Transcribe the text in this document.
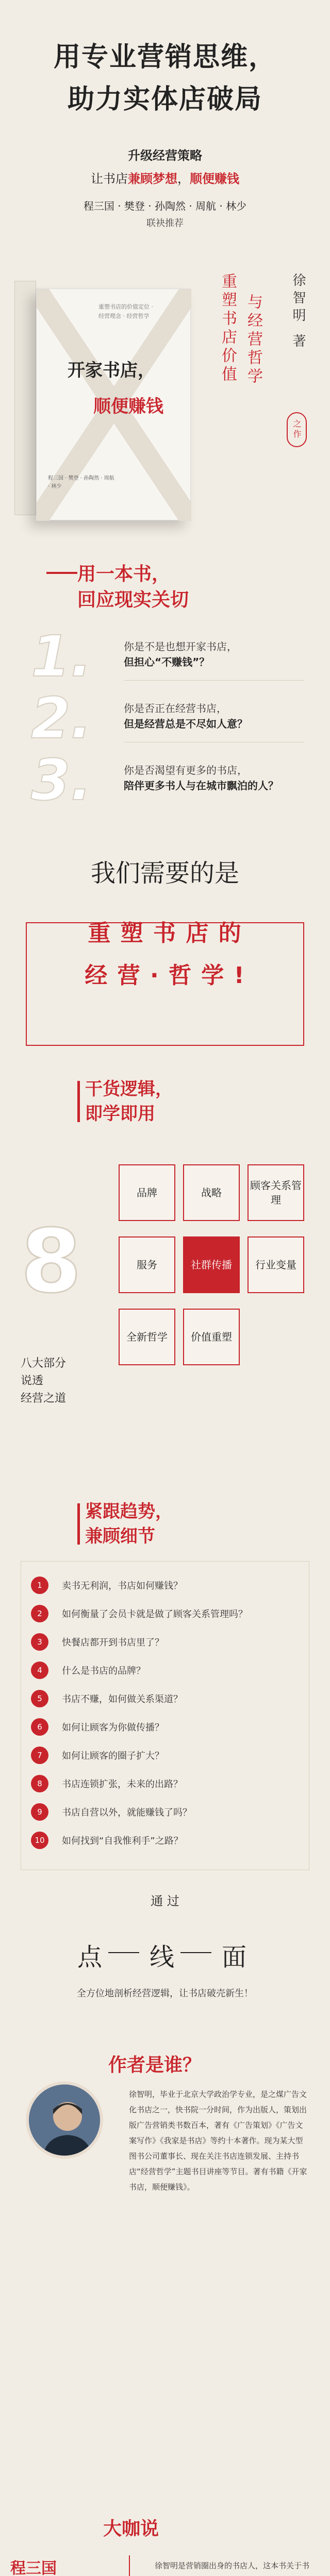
用专业营销思维，
助力实体店破局
升级经营策略
让书店兼顾梦想，顺便赚钱
程三国 · 樊登 · 孙陶然 · 周航 · 林少
联袂推荐
重塑书店的价值定位 · 经营理念 · 经营哲学
开家书店，
顺便赚钱
程三国 · 樊登 · 孙陶然 · 周航 · 林少
重塑书店价值 与经营哲学 徐智明 著
之作
用一本书，
回应现实关切
1.	你是不是也想开家书店，
但担心“不赚钱”？
2.	你是否正在经营书店，
但是经营总是不尽如人意？
3.	你是否渴望有更多的书店，
陪伴更多书人与在城市飘泊的人？
我们需要的是
重 塑 书 店 的
经 营 · 哲 学 !
干货逻辑，
即学即用
8
八大部分
说透
经营之道
品牌	战略
顾客关系管理
服务	社群传播	行业变量
全新哲学	价值重塑
紧跟趋势，
兼顾细节
1	卖书无利润，书店如何赚钱？
2	如何衡量了会员卡就是做了顾客关系管理吗？
3	快餐店都开到书店里了？
4	什么是书店的品牌？
5	书店不赚，如何做关系渠道？
6	如何让顾客为你做传播？
7	如何让顾客的圈子扩大？
8	书店连锁扩张，未来的出路？
9	书店自营以外，就能赚钱了吗？
10	如何找到“自我惟利手”之路？
通 过
点 线 面
全方位地剖析经营逻辑，让书店破壳新生！
作者是谁？
徐智明，毕业于北京大学政治学专业，是之煤广告文化书店之一，快书院一分时间，作为出版人，策划出版广告营销类书数百本，著有《广告策划》《广告文案写作》《我家是书店》等约十本著作。现为某大型图书公司董事长、现在关注书店连锁发展、主持书店“经营哲学”主题书目讲座等节目。著有书籍《开家书店，顺便赚钱》。
大咖说
程三国	徐智明是营销圈出身的书店人，这本书关于书
